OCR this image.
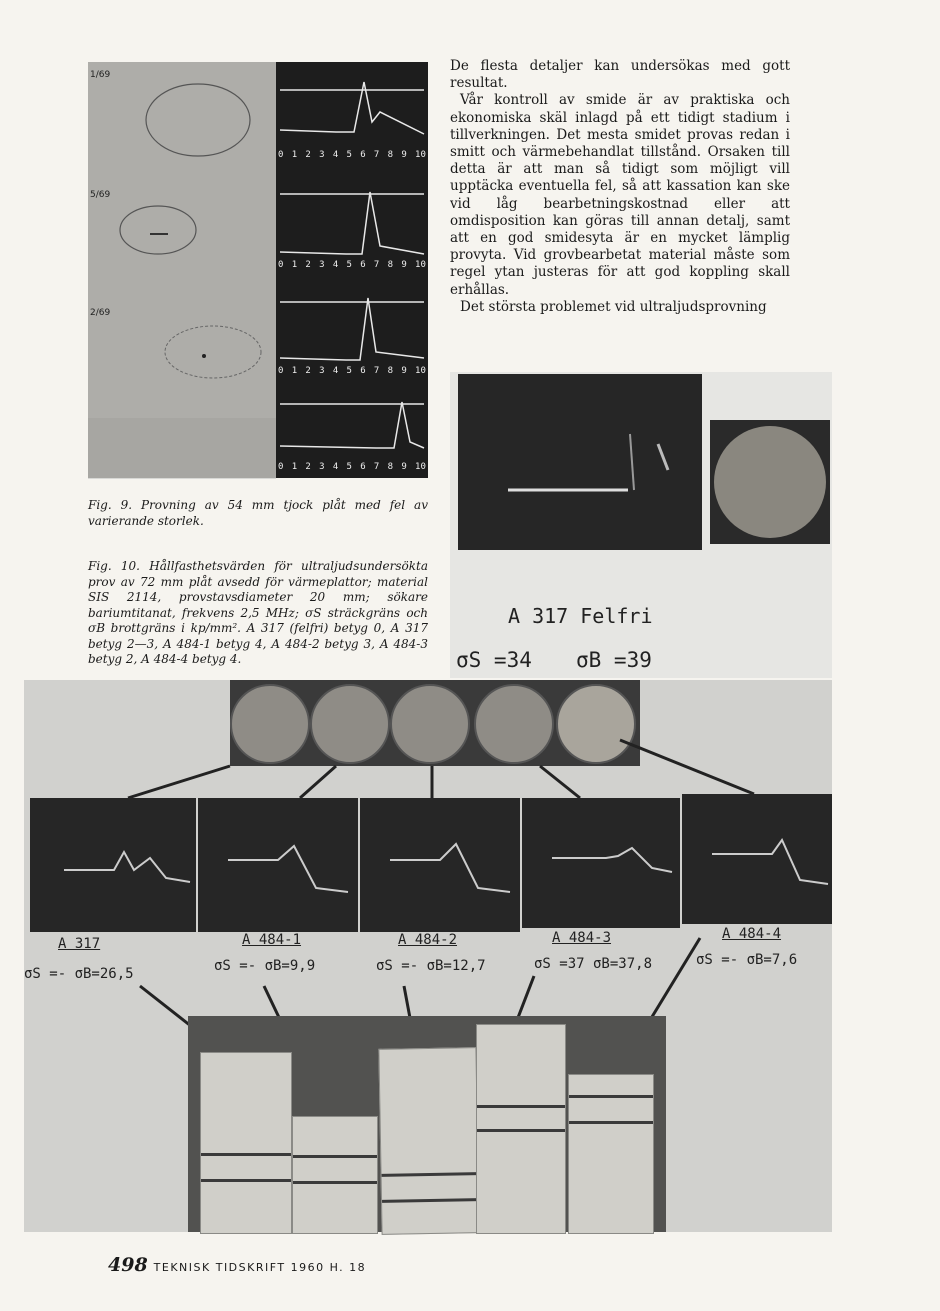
1/69
5/69
2/69
0 1 2 3 4 5 6 7 8 9 10
0 1 2 3 4 5 6 7 8 9 10
0 1 2 3 4 5 6 7 8 9 10
0 1 2 3 4 5 6 7 8 9 10

De flesta detaljer kan undersökas med gott resultat.

Vår kontroll av smide är av praktiska och ekonomiska skäl inlagd på ett tidigt stadium i tillverkningen. Det mesta smidet provas redan i smitt och värmebehandlat tillstånd. Orsaken till detta är att man så tidigt som möjligt vill upptäcka eventuella fel, så att kassation kan ske vid låg bearbetningskostnad eller att omdisposition kan göras till annan detalj, samt att en god smidesyta är en mycket lämplig provyta. Vid grovbearbetat material måste som regel ytan justeras för att god koppling skall erhållas.

Det största problemet vid ultraljudsprovning

Fig. 9. Provning av 54 mm tjock plåt med fel av varierande storlek.
Fig. 10. Hållfasthetsvärden för ultraljudsundersökta prov av 72 mm plåt avsedd för värmeplattor; material SIS 2114, provstavsdiameter 20 mm; sökare bariumtitanat, frekvens 2,5 MHz; σS sträckgräns och σB brottgräns i kp/mm². A 317 (felfri) betyg 0, A 317 betyg 2—3, A 484-1 betyg 4, A 484-2 betyg 3, A 484-3 betyg 2, A 484-4 betyg 4.
A 317 Felfri
σS =34 σB =39
A 317
σS =- σB=26,5
A 484-1
σS =- σB=9,9
A 484-2
σS =- σB=12,7
A 484-3
σS =37 σB=37,8
A 484-4
σS =- σB=7,6
498 TEKNISK TIDSKRIFT 1960 H. 18
